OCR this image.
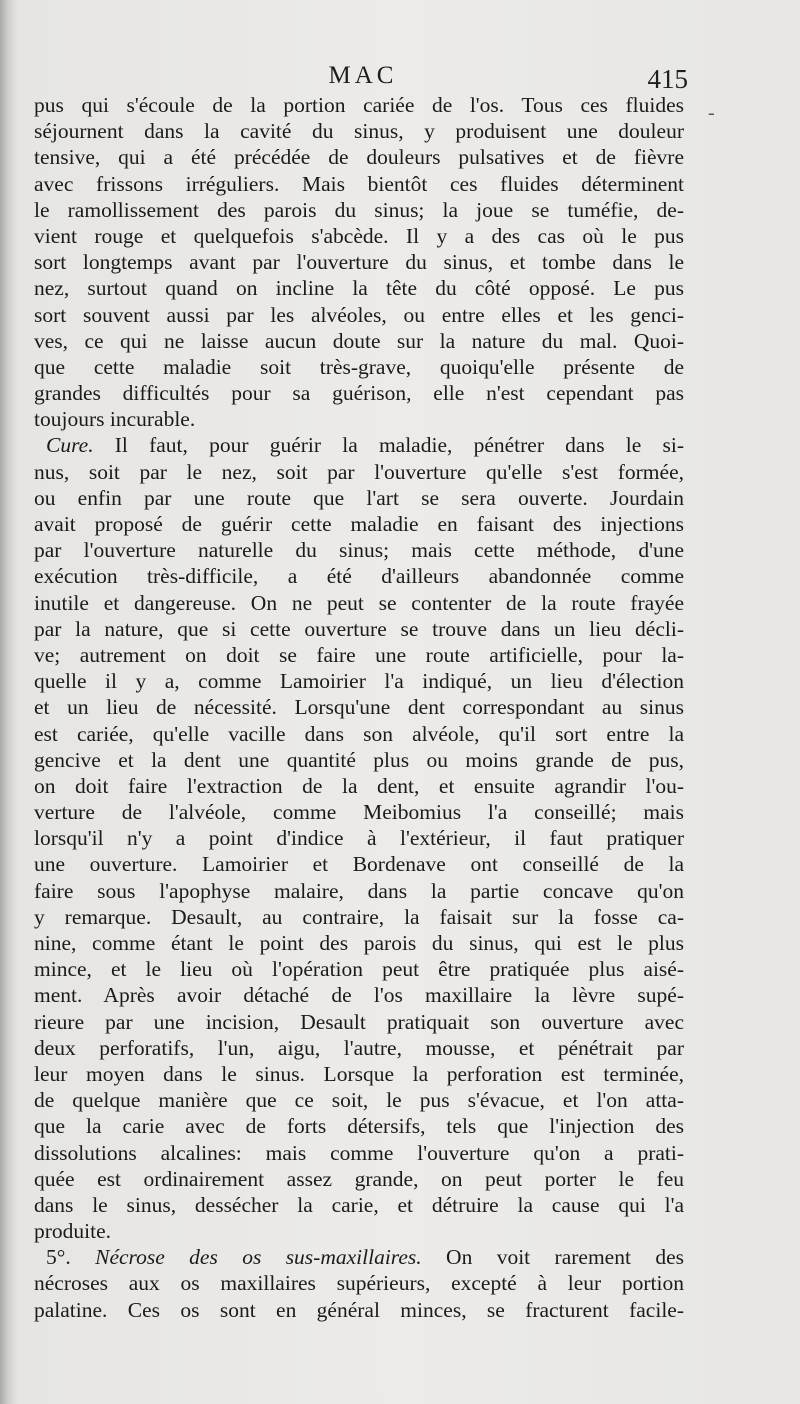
MAC	415
-
pus qui s'écoule de la portion cariée de l'os. Tous ces fluides
séjournent dans la cavité du sinus, y produisent une douleur
tensive, qui a été précédée de douleurs pulsatives et de fièvre
avec frissons irréguliers. Mais bientôt ces fluides déterminent
le ramollissement des parois du sinus; la joue se tuméfie, de-
vient rouge et quelquefois s'abcède. Il y a des cas où le pus
sort longtemps avant par l'ouverture du sinus, et tombe dans le
nez, surtout quand on incline la tête du côté opposé. Le pus
sort souvent aussi par les alvéoles, ou entre elles et les genci-
ves, ce qui ne laisse aucun doute sur la nature du mal. Quoi-
que cette maladie soit très-grave, quoiqu'elle présente de
grandes difficultés pour sa guérison, elle n'est cependant pas
toujours incurable.
Cure. Il faut, pour guérir la maladie, pénétrer dans le si-
nus, soit par le nez, soit par l'ouverture qu'elle s'est formée,
ou enfin par une route que l'art se sera ouverte. Jourdain
avait proposé de guérir cette maladie en faisant des injections
par l'ouverture naturelle du sinus; mais cette méthode, d'une
exécution très-difficile, a été d'ailleurs abandonnée comme
inutile et dangereuse. On ne peut se contenter de la route frayée
par la nature, que si cette ouverture se trouve dans un lieu décli-
ve; autrement on doit se faire une route artificielle, pour la-
quelle il y a, comme Lamoirier l'a indiqué, un lieu d'élection
et un lieu de nécessité. Lorsqu'une dent correspondant au sinus
est cariée, qu'elle vacille dans son alvéole, qu'il sort entre la
gencive et la dent une quantité plus ou moins grande de pus,
on doit faire l'extraction de la dent, et ensuite agrandir l'ou-
verture de l'alvéole, comme Meibomius l'a conseillé; mais
lorsqu'il n'y a point d'indice à l'extérieur, il faut pratiquer
une ouverture. Lamoirier et Bordenave ont conseillé de la
faire sous l'apophyse malaire, dans la partie concave qu'on
y remarque. Desault, au contraire, la faisait sur la fosse ca-
nine, comme étant le point des parois du sinus, qui est le plus
mince, et le lieu où l'opération peut être pratiquée plus aisé-
ment. Après avoir détaché de l'os maxillaire la lèvre supé-
rieure par une incision, Desault pratiquait son ouverture avec
deux perforatifs, l'un, aigu, l'autre, mousse, et pénétrait par
leur moyen dans le sinus. Lorsque la perforation est terminée,
de quelque manière que ce soit, le pus s'évacue, et l'on atta-
que la carie avec de forts détersifs, tels que l'injection des
dissolutions alcalines: mais comme l'ouverture qu'on a prati-
quée est ordinairement assez grande, on peut porter le feu
dans le sinus, dessécher la carie, et détruire la cause qui l'a
produite.
5°. Nécrose des os sus-maxillaires. On voit rarement des
nécroses aux os maxillaires supérieurs, excepté à leur portion
palatine. Ces os sont en général minces, se fracturent facile-
